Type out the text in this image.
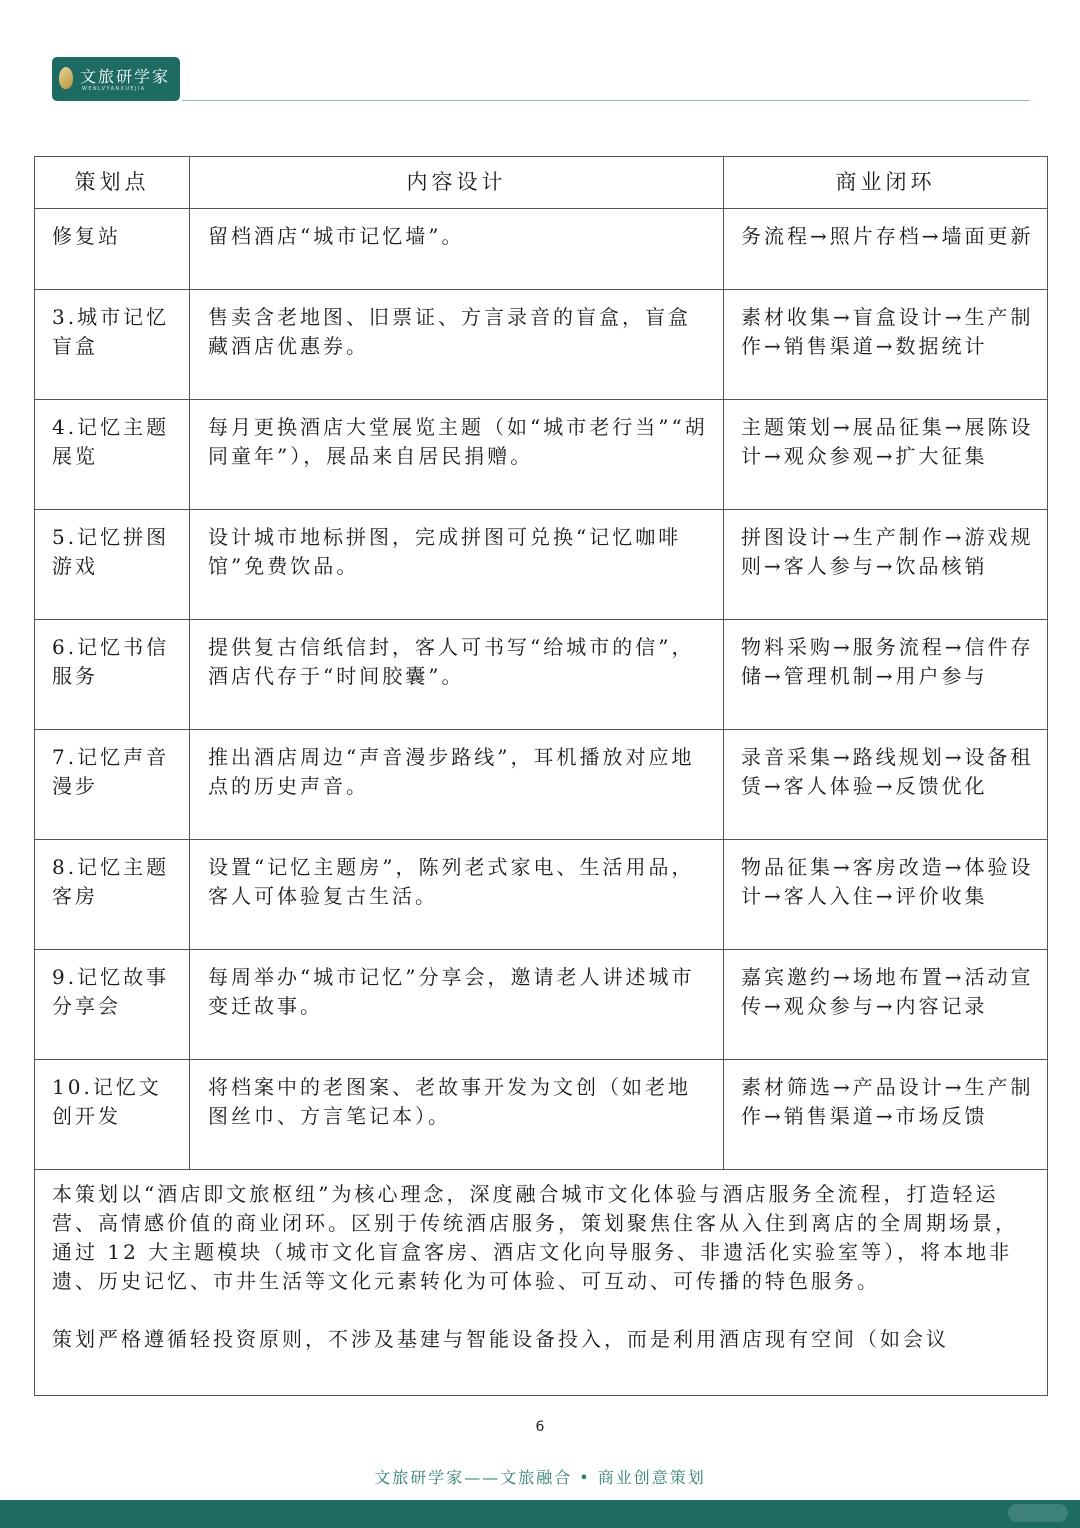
文旅研学家
WENLVYANXUEJIA
策划点	内容设计	商业闭环
修复站	留档酒店“城市记忆墙”。	务流程→照片存档→墙面更新
3.城市记忆盲盒	售卖含老地图、旧票证、方言录音的盲盒，盲盒藏酒店优惠券。	素材收集→盲盒设计→生产制作→销售渠道→数据统计
4.记忆主题展览	每月更换酒店大堂展览主题（如“城市老行当”“胡同童年”），展品来自居民捐赠。	主题策划→展品征集→展陈设计→观众参观→扩大征集
5.记忆拼图游戏	设计城市地标拼图，完成拼图可兑换“记忆咖啡馆”免费饮品。	拼图设计→生产制作→游戏规则→客人参与→饮品核销
6.记忆书信服务	提供复古信纸信封，客人可书写“给城市的信”，酒店代存于“时间胶囊”。	物料采购→服务流程→信件存储→管理机制→用户参与
7.记忆声音漫步	推出酒店周边“声音漫步路线”，耳机播放对应地点的历史声音。	录音采集→路线规划→设备租赁→客人体验→反馈优化
8.记忆主题客房	设置“记忆主题房”，陈列老式家电、生活用品，客人可体验复古生活。	物品征集→客房改造→体验设计→客人入住→评价收集
9.记忆故事分享会	每周举办“城市记忆”分享会，邀请老人讲述城市变迁故事。	嘉宾邀约→场地布置→活动宣传→观众参与→内容记录
10.记忆文创开发	将档案中的老图案、老故事开发为文创（如老地图丝巾、方言笔记本）。	素材筛选→产品设计→生产制作→销售渠道→市场反馈

本策划以“酒店即文旅枢纽”为核心理念，深度融合城市文化体验与酒店服务全流程，打造轻运营、高情感价值的商业闭环。区别于传统酒店服务，策划聚焦住客从入住到离店的全周期场景，通过 12 大主题模块（城市文化盲盒客房、酒店文化向导服务、非遗活化实验室等），将本地非遗、历史记忆、市井生活等文化元素转化为可体验、可互动、可传播的特色服务。

策划严格遵循轻投资原则，不涉及基建与智能设备投入，而是利用酒店现有空间（如会议		

6
文旅研学家——文旅融合 • 商业创意策划
